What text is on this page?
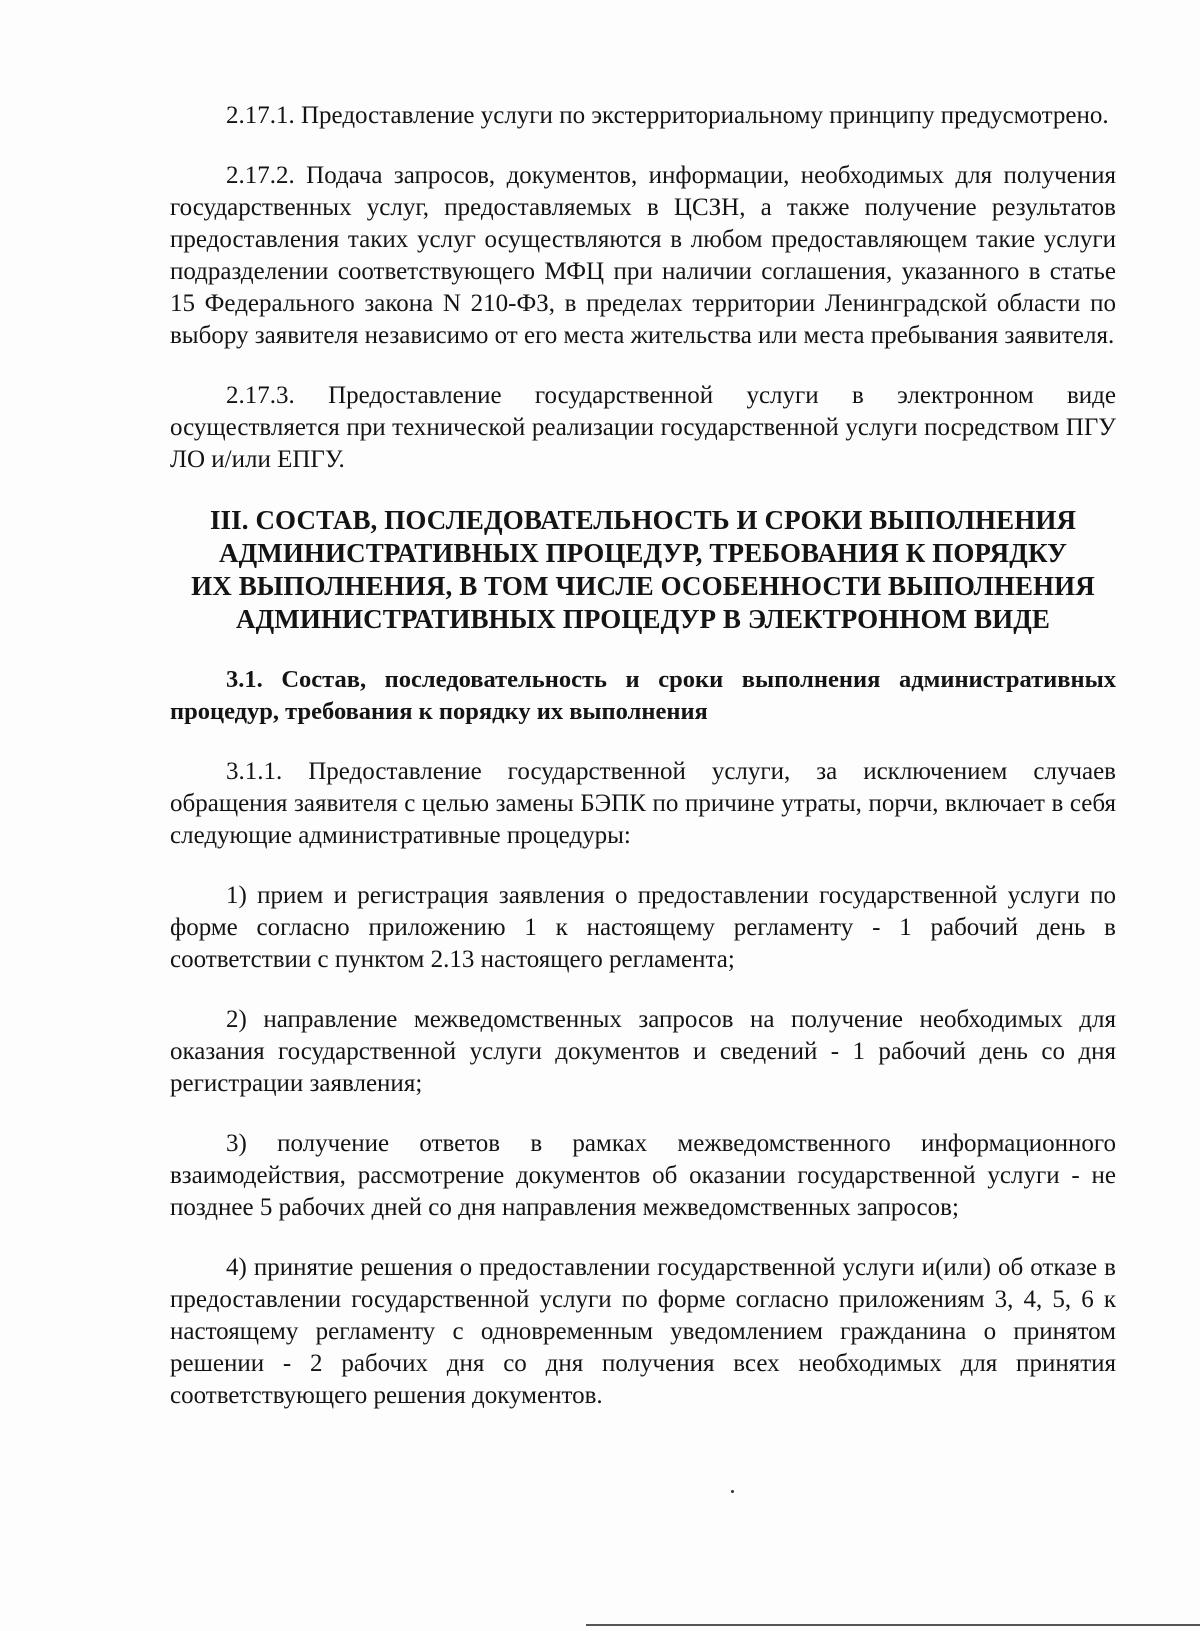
2.17.1. Предоставление услуги по экстерриториальному принципу предусмотрено.

2.17.2. Подача запросов, документов, информации, необходимых для получения государственных услуг, предоставляемых в ЦСЗН, а также получение результатов предоставления таких услуг осуществляются в любом предоставляющем такие услуги подразделении соответствующего МФЦ при наличии соглашения, указанного в статье 15 Федерального закона N 210-ФЗ, в пределах территории Ленинградской области по выбору заявителя независимо от его места жительства или места пребывания заявителя.

2.17.3. Предоставление государственной услуги в электронном виде осуществляется при технической реализации государственной услуги посредством ПГУ ЛО и/или ЕПГУ.

III. СОСТАВ, ПОСЛЕДОВАТЕЛЬНОСТЬ И СРОКИ ВЫПОЛНЕНИЯ
АДМИНИСТРАТИВНЫХ ПРОЦЕДУР, ТРЕБОВАНИЯ К ПОРЯДКУ
ИХ ВЫПОЛНЕНИЯ, В ТОМ ЧИСЛЕ ОСОБЕННОСТИ ВЫПОЛНЕНИЯ
АДМИНИСТРАТИВНЫХ ПРОЦЕДУР В ЭЛЕКТРОННОМ ВИДЕ

3.1. Состав, последовательность и сроки выполнения административных процедур, требования к порядку их выполнения

3.1.1. Предоставление государственной услуги, за исключением случаев обращения заявителя с целью замены БЭПК по причине утраты, порчи, включает в себя следующие административные процедуры:

1) прием и регистрация заявления о предоставлении государственной услуги по форме согласно приложению 1 к настоящему регламенту - 1 рабочий день в соответствии с пунктом 2.13 настоящего регламента;

2) направление межведомственных запросов на получение необходимых для оказания государственной услуги документов и сведений - 1 рабочий день со дня регистрации заявления;

3) получение ответов в рамках межведомственного информационного взаимодействия, рассмотрение документов об оказании государственной услуги - не позднее 5 рабочих дней со дня направления межведомственных запросов;

4) принятие решения о предоставлении государственной услуги и(или) об отказе в предоставлении государственной услуги по форме согласно приложениям 3, 4, 5, 6 к настоящему регламенту с одновременным уведомлением гражданина о принятом решении - 2 рабочих дня со дня получения всех необходимых для принятия соответствующего решения документов.
